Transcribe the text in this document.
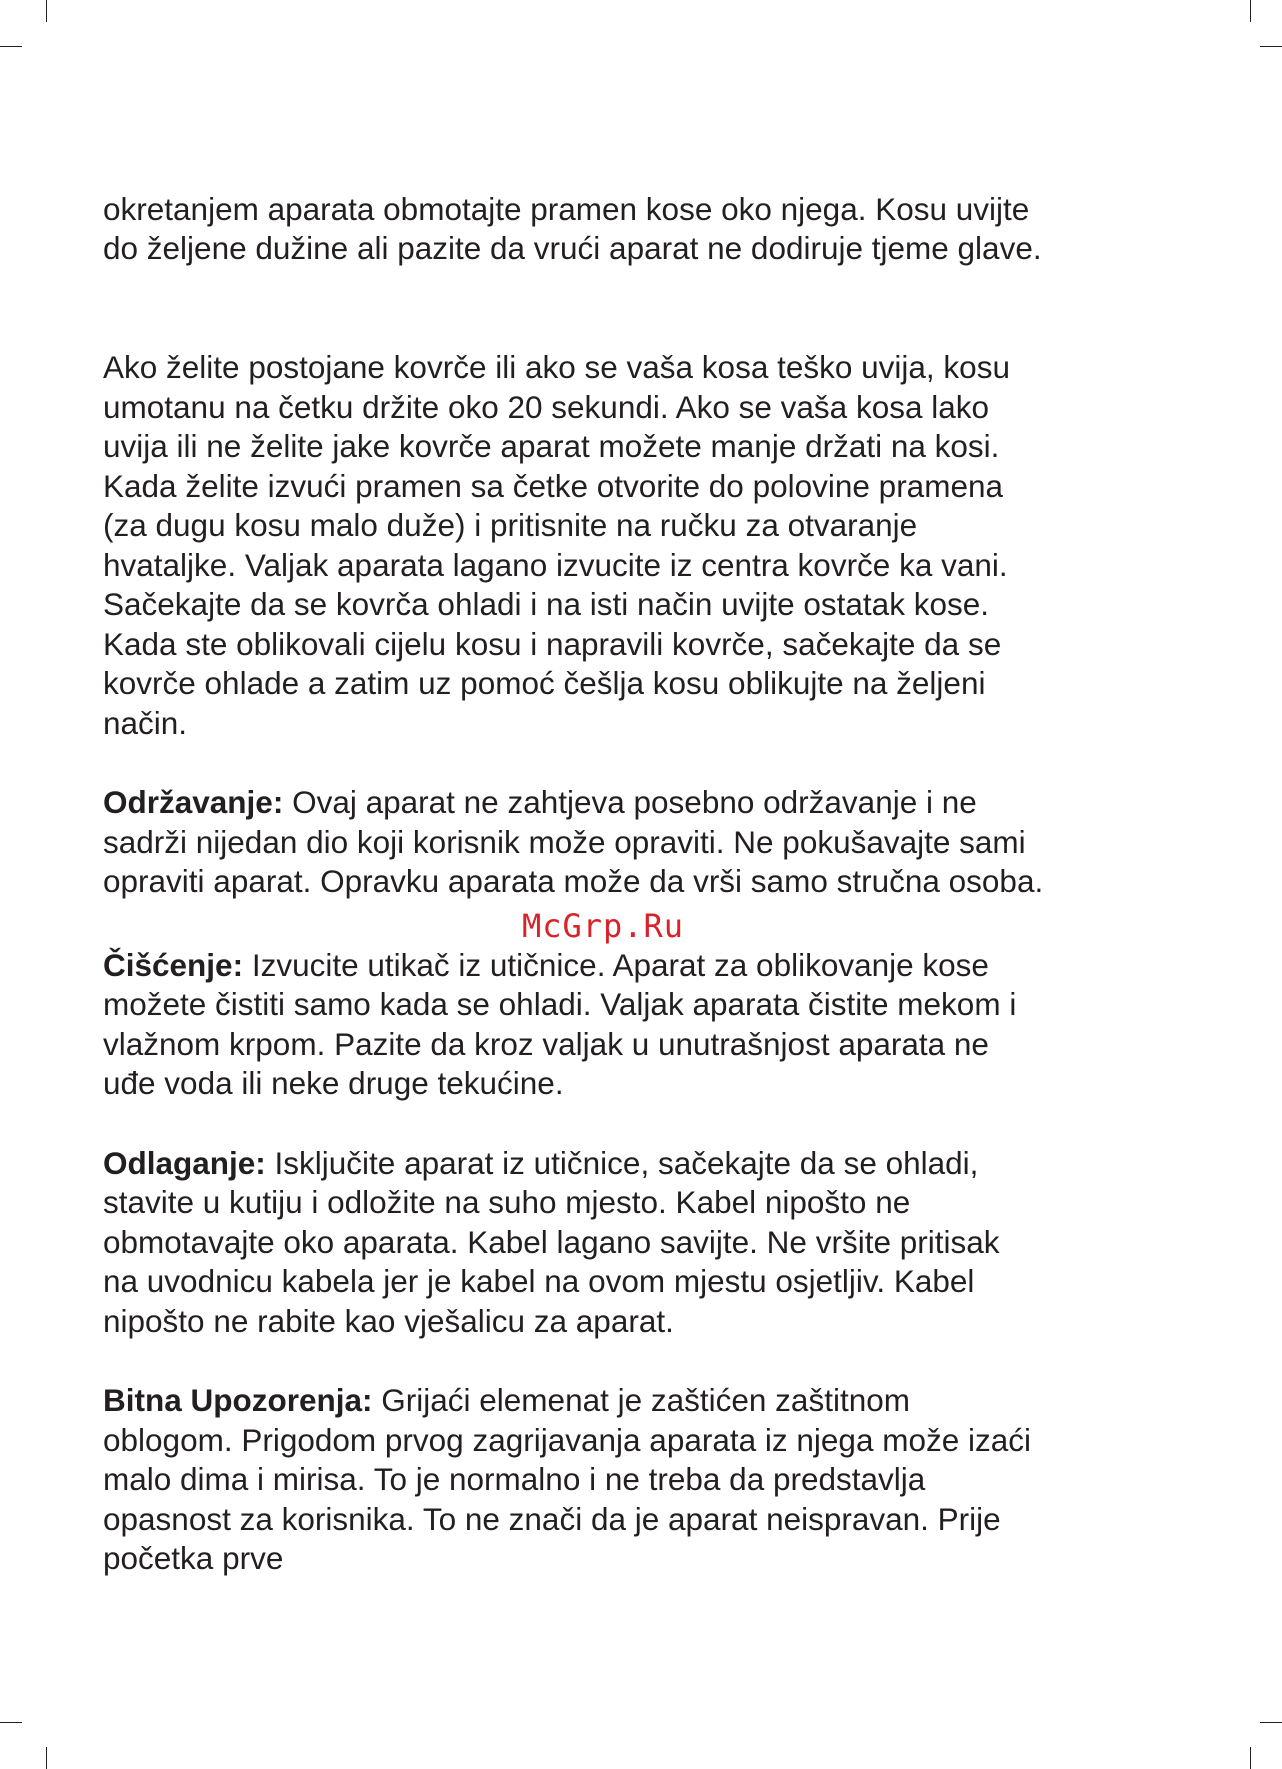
okretanjem aparata obmotajte pramen kose oko njega. Kosu uvijte
do željene dužine ali pazite da vrući aparat ne dodiruje tjeme glave.

Ako želite postojane kovrče ili ako se vaša kosa teško uvija, kosu
umotanu na četku držite oko 20 sekundi. Ako se vaša kosa lako
uvija ili ne želite jake kovrče aparat možete manje držati na kosi.
Kada želite izvući pramen sa četke otvorite do polovine pramena
(za dugu kosu malo duže) i pritisnite na ručku za otvaranje
hvataljke. Valjak aparata lagano izvucite iz centra kovrče ka vani.
Sačekajte da se kovrča ohladi i na isti način uvijte ostatak kose.
Kada ste oblikovali cijelu kosu i napravili kovrče, sačekajte da se
kovrče ohlade a zatim uz pomoć češlja kosu oblikujte na željeni
način.

Održavanje: Ovaj aparat ne zahtjeva posebno održavanje i ne
sadrži nijedan dio koji korisnik može opraviti. Ne pokušavajte sami
opraviti aparat. Opravku aparata može da vrši samo stručna osoba.

McGrp.Ru

Čišćenje: Izvucite utikač iz utičnice. Aparat za oblikovanje kose
možete čistiti samo kada se ohladi. Valjak aparata čistite mekom i
vlažnom krpom. Pazite da kroz valjak u unutrašnjost aparata ne
uđe voda ili neke druge tekućine.

Odlaganje: Isključite aparat iz utičnice, sačekajte da se ohladi,
stavite u kutiju i odložite na suho mjesto. Kabel nipošto ne
obmotavajte oko aparata. Kabel lagano savijte. Ne vršite pritisak
na uvodnicu kabela jer je kabel na ovom mjestu osjetljiv. Kabel
nipošto ne rabite kao vješalicu za aparat.

Bitna Upozorenja: Grijaći elemenat je zaštićen zaštitnom
oblogom. Prigodom prvog zagrijavanja aparata iz njega može izaći
malo dima i mirisa. To je normalno i ne treba da predstavlja
opasnost za korisnika. To ne znači da je aparat neispravan. Prije
početka prve
